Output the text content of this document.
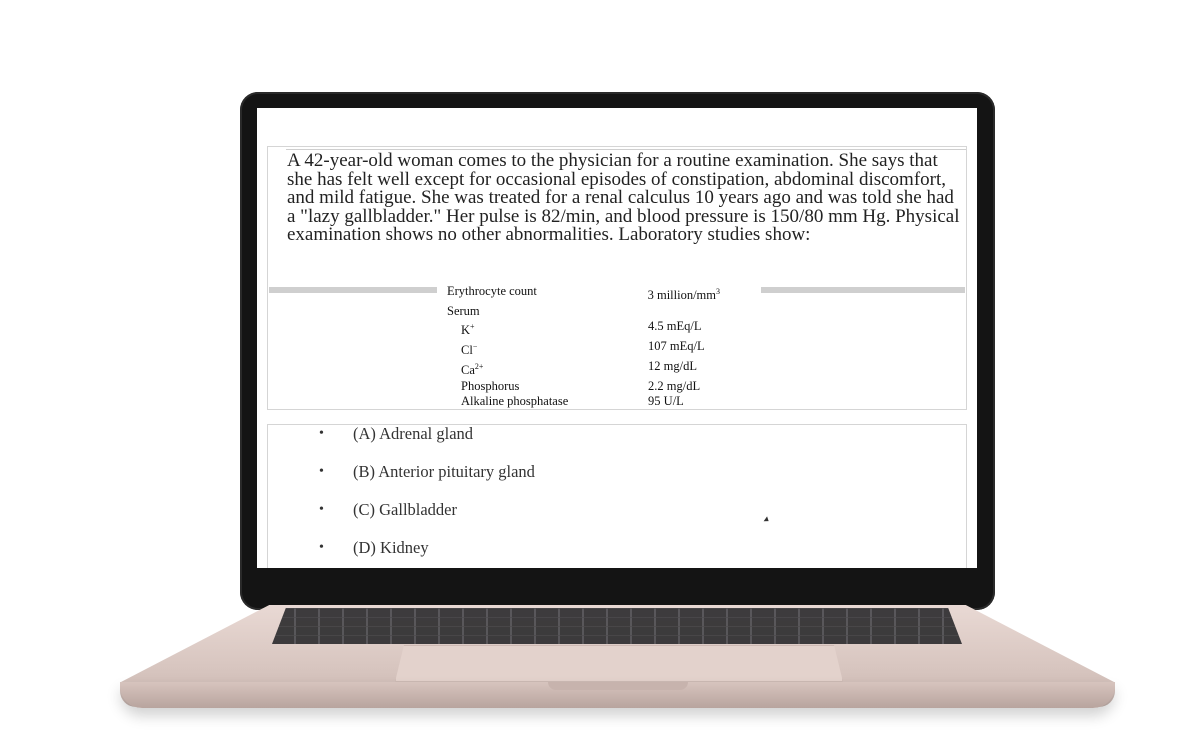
A 42-year-old woman comes to the physician for a routine examination. She says that she has felt well except for occasional episodes of constipation, abdominal discomfort, and mild fatigue. She was treated for a renal calculus 10 years ago and was told she had a "lazy gallbladder." Her pulse is 82/min, and blood pressure is 150/80 mm Hg. Physical examination shows no other abnormalities. Laboratory studies show:

Erythrocyte count	3 million/$mm^3$
Serum
K+	4.5 mEq/L
Cl−	107 mEq/L
$Ca^{2+}$	12 mg/dL
Phosphorus	2.2 mg/dL
Alkaline phosphatase	95 U/L
• (A) Adrenal gland
• (B) Anterior pituitary gland
• (C) Gallbladder
• (D) Kidney
